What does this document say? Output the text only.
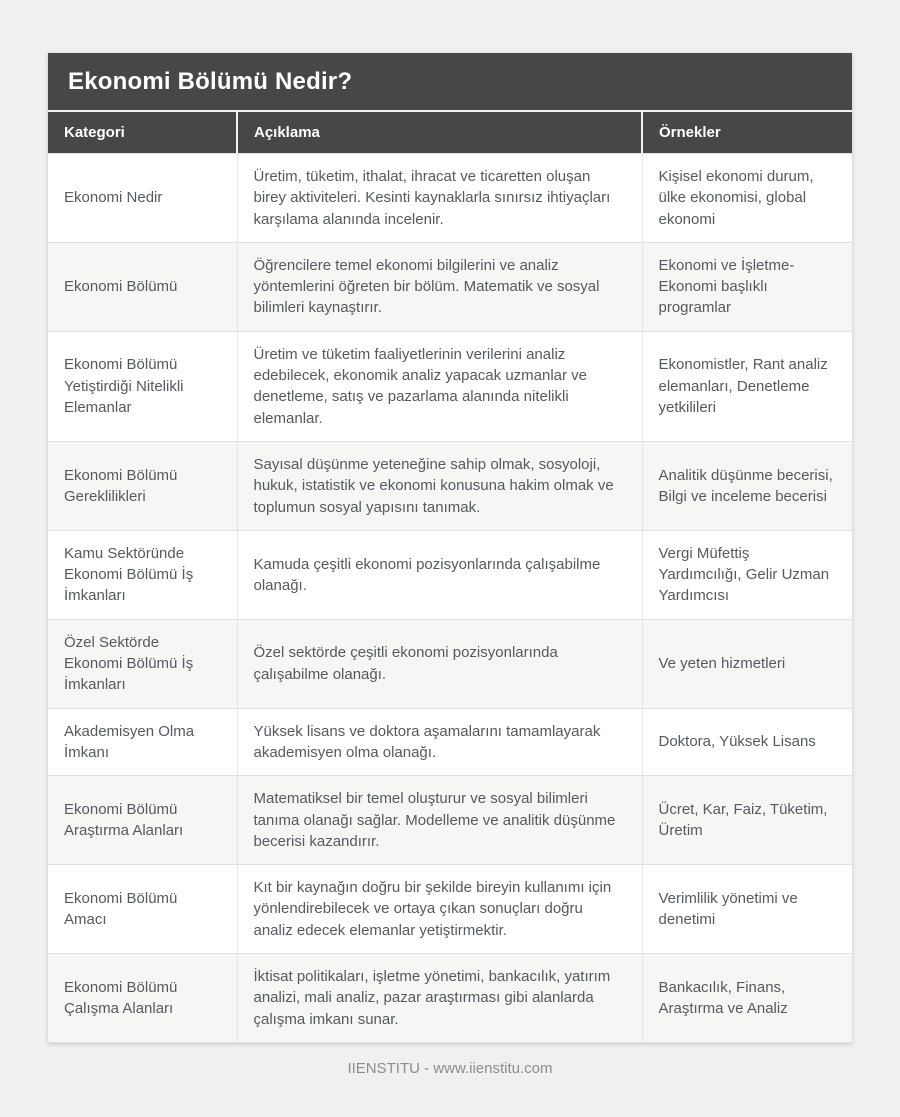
Ekonomi Bölümü Nedir?
Kategori	Açıklama	Örnekler
Ekonomi Nedir	Üretim, tüketim, ithalat, ihracat ve ticaretten oluşan birey aktiviteleri. Kesinti kaynaklarla sınırsız ihtiyaçları karşılama alanında incelenir.	Kişisel ekonomi durum, ülke ekonomisi, global ekonomi
Ekonomi Bölümü	Öğrencilere temel ekonomi bilgilerini ve analiz yöntemlerini öğreten bir bölüm. Matematik ve sosyal bilimleri kaynaştırır.	Ekonomi ve İşletme-Ekonomi başlıklı programlar
Ekonomi Bölümü Yetiştirdiği Nitelikli Elemanlar	Üretim ve tüketim faaliyetlerinin verilerini analiz edebilecek, ekonomik analiz yapacak uzmanlar ve denetleme, satış ve pazarlama alanında nitelikli elemanlar.	Ekonomistler, Rant analiz elemanları, Denetleme yetkilileri
Ekonomi Bölümü Gereklilikleri	Sayısal düşünme yeteneğine sahip olmak, sosyoloji, hukuk, istatistik ve ekonomi konusuna hakim olmak ve toplumun sosyal yapısını tanımak.	Analitik düşünme becerisi, Bilgi ve inceleme becerisi
Kamu Sektöründe Ekonomi Bölümü İş İmkanları	Kamuda çeşitli ekonomi pozisyonlarında çalışabilme olanağı.	Vergi Müfettiş Yardımcılığı, Gelir Uzman Yardımcısı
Özel Sektörde Ekonomi Bölümü İş İmkanları	Özel sektörde çeşitli ekonomi pozisyonlarında çalışabilme olanağı.	Ve yeten hizmetleri
Akademisyen Olma İmkanı	Yüksek lisans ve doktora aşamalarını tamamlayarak akademisyen olma olanağı.	Doktora, Yüksek Lisans
Ekonomi Bölümü Araştırma Alanları	Matematiksel bir temel oluşturur ve sosyal bilimleri tanıma olanağı sağlar. Modelleme ve analitik düşünme becerisi kazandırır.	Ücret, Kar, Faiz, Tüketim, Üretim
Ekonomi Bölümü Amacı	Kıt bir kaynağın doğru bir şekilde bireyin kullanımı için yönlendirebilecek ve ortaya çıkan sonuçları doğru analiz edecek elemanlar yetiştirmektir.	Verimlilik yönetimi ve denetimi
Ekonomi Bölümü Çalışma Alanları	İktisat politikaları, işletme yönetimi, bankacılık, yatırım analizi, mali analiz, pazar araştırması gibi alanlarda çalışma imkanı sunar.	Bankacılık, Finans, Araştırma ve Analiz
IIENSTITU - www.iienstitu.com
